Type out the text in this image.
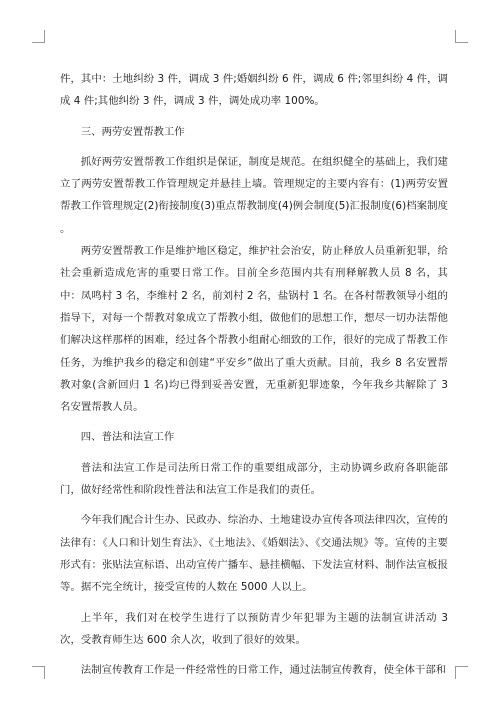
件，其中：土地纠纷 3 件，调成 3 件;婚姻纠纷 6 件，调成 6 件;邻里纠纷 4 件，调成 4 件;其他纠纷 3 件，调成 3 件，调处成功率 100%。

三、两劳安置帮教工作

抓好两劳安置帮教工作组织是保证，制度是规范。在组织健全的基础上，我们建立了两劳安置帮教工作管理规定并悬挂上墙。管理规定的主要内容有：(1)两劳安置帮教工作管理规定(2)衔接制度(3)重点帮教制度(4)例会制度(5)汇报制度(6)档案制度 。

两劳安置帮教工作是维护地区稳定，维护社会治安，防止释放人员重新犯罪，给社会重新造成危害的重要日常工作。目前全乡范围内共有刑释解教人员 8 名，其中：凤鸣村 3 名，李维村 2 名，前刘村 2 名，盐锅村 1 名。在各村帮教领导小组的指导下，对每一个帮教对象成立了帮教小组，做他们的思想工作，想尽一切办法帮他们解决这样那样的困难，经过各个帮教小组耐心细致的工作，很好的完成了帮教工作任务，为维护我乡的稳定和创建“平安乡”做出了重大贡献。目前，我乡 8 名安置帮教对象(含新回归 1 名)均已得到妥善安置，无重新犯罪迹象，今年我乡共解除了 3 名安置帮教人员。

四、普法和法宣工作

普法和法宣工作是司法所日常工作的重要组成部分，主动协调乡政府各职能部门，做好经常性和阶段性普法和法宣工作是我们的责任。

今年我们配合计生办、民政办、综治办、土地建设办宣传各项法律四次，宣传的法律有：《人口和计划生育法》、《土地法》、《婚姻法》、《交通法规》等。宣传的主要形式有：张贴法宣标语、出动宣传广播车、悬挂横幅、下发法宣材料、制作法宣板报等。据不完全统计，接受宣传的人数在 5000 人以上。

上半年，我们对在校学生进行了以预防青少年犯罪为主题的法制宣讲活动 3 次，受教育师生达 600 余人次，收到了很好的效果。

法制宣传教育工作是一件经常性的日常工作，通过法制宣传教育，使全体干部和
